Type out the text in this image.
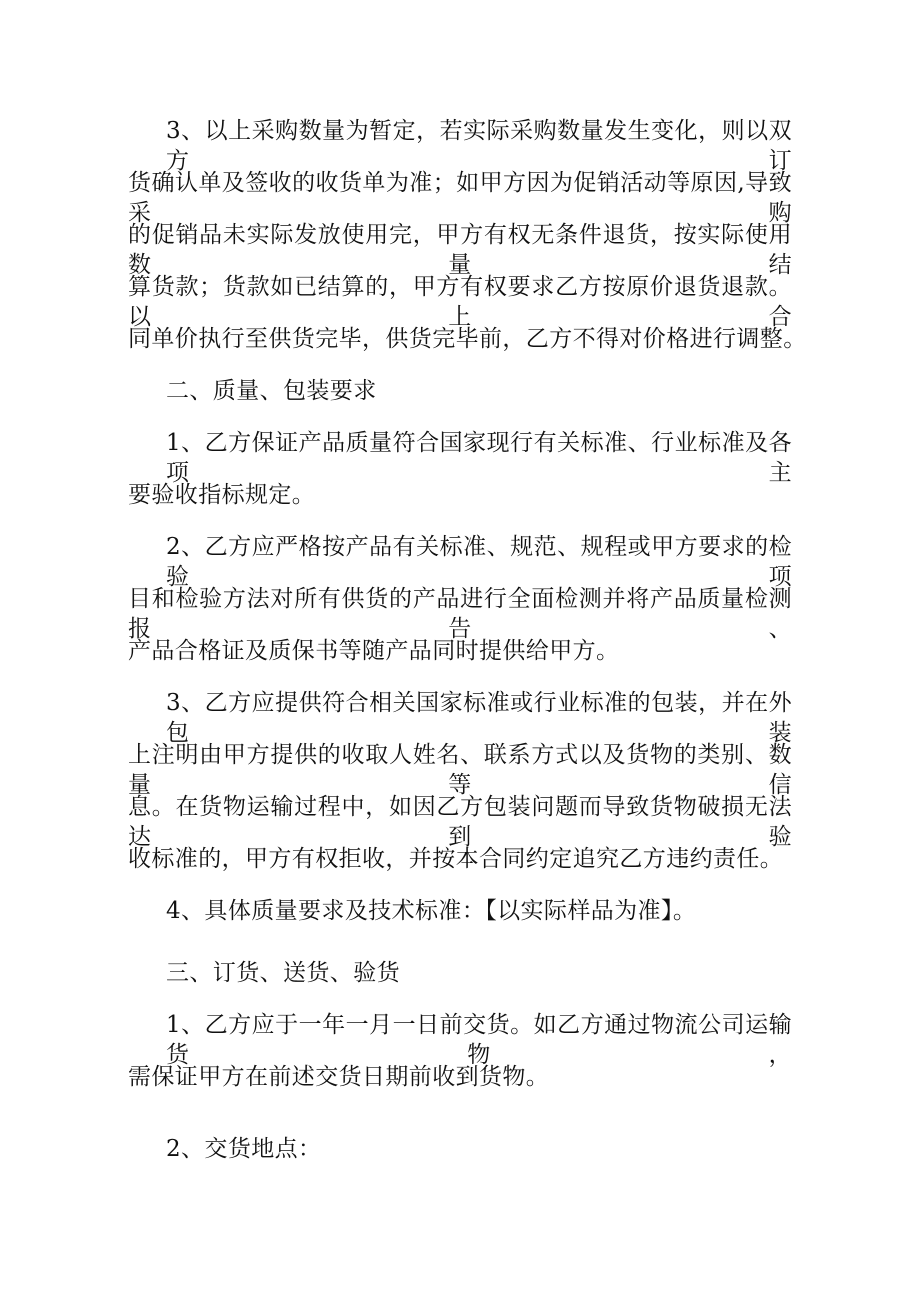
3、以上采购数量为暂定，若实际采购数量发生变化，则以双方订
货确认单及签收的收货单为准；如甲方因为促销活动等原因,导致采购
的促销品未实际发放使用完，甲方有权无条件退货，按实际使用数量结
算货款；货款如已结算的，甲方有权要求乙方按原价退货退款。以上合
同单价执行至供货完毕，供货完毕前，乙方不得对价格进行调整。
二、质量、包装要求
1、乙方保证产品质量符合国家现行有关标准、行业标准及各项主
要验收指标规定。
2、乙方应严格按产品有关标准、规范、规程或甲方要求的检验项
目和检验方法对所有供货的产品进行全面检测并将产品质量检测报告、
产品合格证及质保书等随产品同时提供给甲方。
3、乙方应提供符合相关国家标准或行业标准的包装，并在外包装
上注明由甲方提供的收取人姓名、联系方式以及货物的类别、数量等信
息。在货物运输过程中，如因乙方包装问题而导致货物破损无法达到验
收标准的，甲方有权拒收，并按本合同约定追究乙方违约责任。
4、具体质量要求及技术标准：【以实际样品为准】。
三、订货、送货、验货
1、乙方应于一年一月一日前交货。如乙方通过物流公司运输货物，
需保证甲方在前述交货日期前收到货物。
2、交货地点：
